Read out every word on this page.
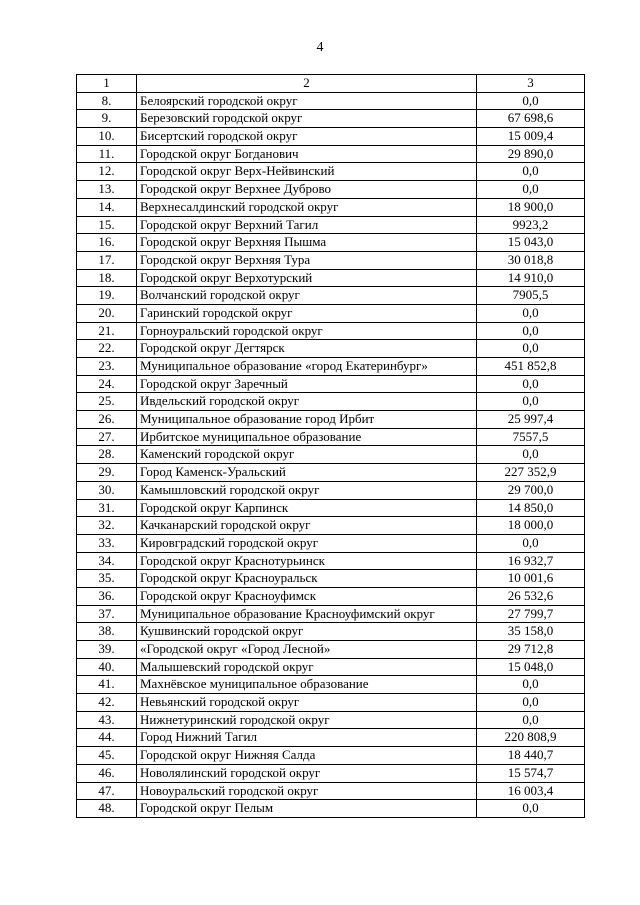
4
1	2	3
8.	Белоярский городской округ	0,0
9.	Березовский городской округ	67 698,6
10.	Бисертский городской округ	15 009,4
11.	Городской округ Богданович	29 890,0
12.	Городской округ Верх-Нейвинский	0,0
13.	Городской округ Верхнее Дуброво	0,0
14.	Верхнесалдинский городской округ	18 900,0
15.	Городской округ Верхний Тагил	9923,2
16.	Городской округ Верхняя Пышма	15 043,0
17.	Городской округ Верхняя Тура	30 018,8
18.	Городской округ Верхотурский	14 910,0
19.	Волчанский городской округ	7905,5
20.	Гаринский городской округ	0,0
21.	Горноуральский городской округ	0,0
22.	Городской округ Дегтярск	0,0
23.	Муниципальное образование «город Екатеринбург»	451 852,8
24.	Городской округ Заречный	0,0
25.	Ивдельский городской округ	0,0
26.	Муниципальное образование город Ирбит	25 997,4
27.	Ирбитское муниципальное образование	7557,5
28.	Каменский городской округ	0,0
29.	Город Каменск-Уральский	227 352,9
30.	Камышловский городской округ	29 700,0
31.	Городской округ Карпинск	14 850,0
32.	Качканарский городской округ	18 000,0
33.	Кировградский городской округ	0,0
34.	Городской округ Краснотурьинск	16 932,7
35.	Городской округ Красноуральск	10 001,6
36.	Городской округ Красноуфимск	26 532,6
37.	Муниципальное образование Красноуфимский округ	27 799,7
38.	Кушвинский городской округ	35 158,0
39.	«Городской округ «Город Лесной»	29 712,8
40.	Малышевский городской округ	15 048,0
41.	Махнёвское муниципальное образование	0,0
42.	Невьянский городской округ	0,0
43.	Нижнетуринский городской округ	0,0
44.	Город Нижний Тагил	220 808,9
45.	Городской округ Нижняя Салда	18 440,7
46.	Новолялинский городской округ	15 574,7
47.	Новоуральский городской округ	16 003,4
48.	Городской округ Пелым	0,0
